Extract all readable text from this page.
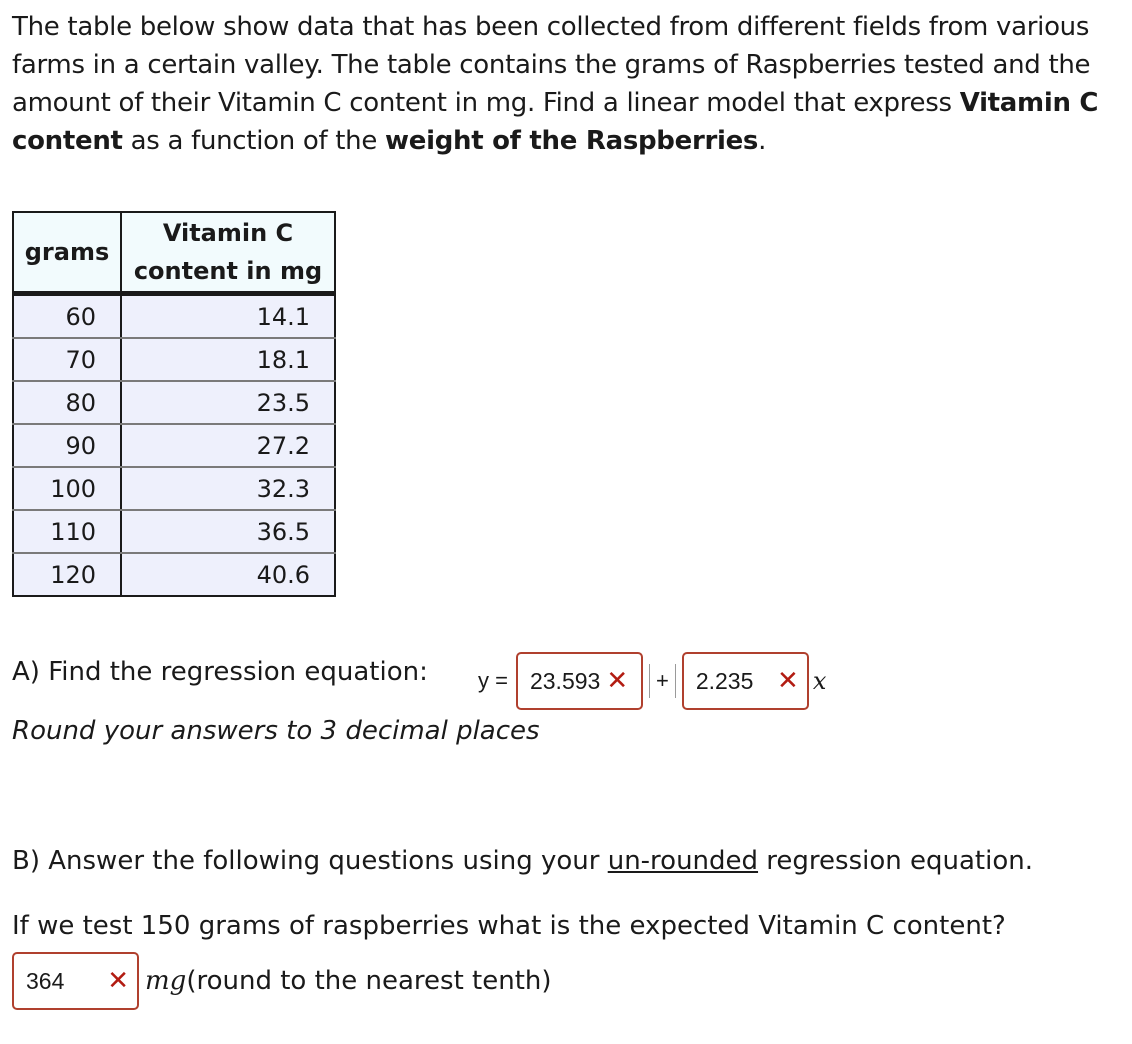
The table below show data that has been collected from different fields from various farms in a certain valley. The table contains the grams of Raspberries tested and the amount of their Vitamin C content in mg. Find a linear model that express Vitamin C content as a function of the weight of the Raspberries.
grams	Vitamin C content in mg
60	14.1
70	18.1
80	23.5
90	27.2
100	32.3
110	36.5
120	40.6
A) Find the regression equation: y = 23.593 ✕ + 2.235 ✕ x
Round your answers to 3 decimal places
B) Answer the following questions using your un-rounded regression equation.
If we test 150 grams of raspberries what is the expected Vitamin C content?
364	✕ mg (round to the nearest tenth)
